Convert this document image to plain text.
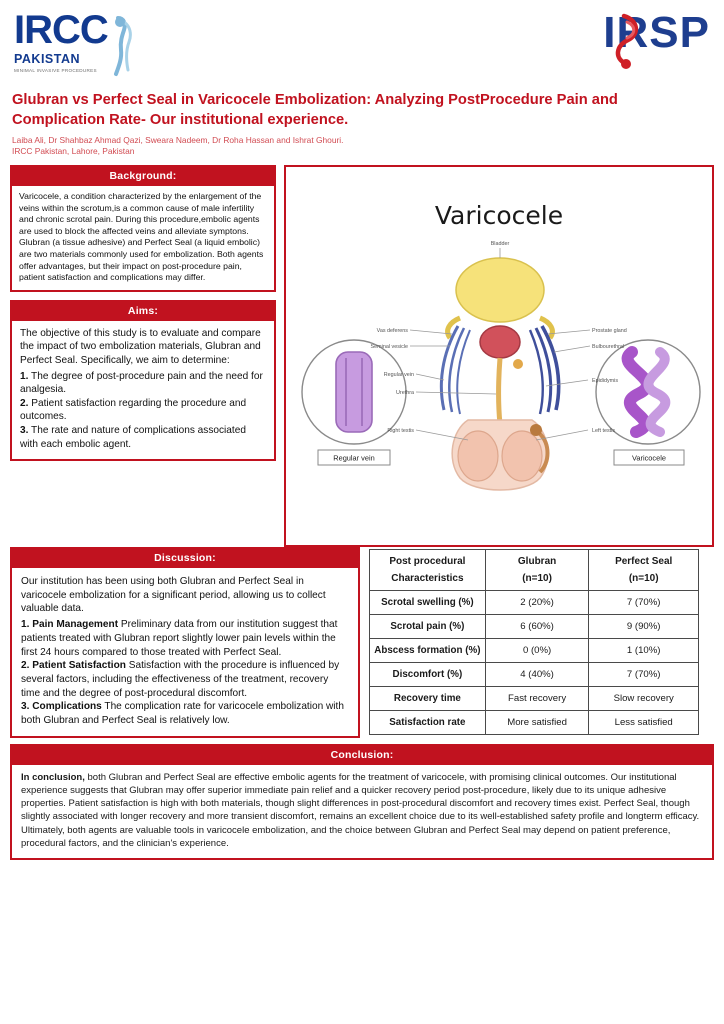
IRCC
PAKISTAN
MINIMAL INVASIVE PROCEDURES
IRSP
Glubran vs Perfect Seal in Varicocele Embolization: Analyzing PostProcedure Pain and Complication Rate- Our institutional experience.
Laiba Ali, Dr Shahbaz Ahmad Qazi, Sweara Nadeem, Dr Roha Hassan and Ishrat Ghouri.
IRCC Pakistan, Lahore, Pakistan
Background:
Varicocele, a condition characterized by the enlargement of the veins within the scrotum,is a common cause of male infertility and chronic scrotal pain. During this procedure,embolic agents are used to block the affected veins and alleviate symptons. Glubran (a tissue adhesive) and Perfect Seal (a liquid embolic) are two materials commonly used for embolization. Both agents offer advantages, but their impact on post-procedure pain, patient satisfaction and complications may differ.
Aims:
The objective of this study is to evaluate and compare the impact of two embolization materials, Glubran and Perfect Seal. Specifically, we aim to determine:
1. The degree of post-procedure pain and the need for analgesia.
2. Patient satisfaction regarding the procedure and outcomes.
3. The rate and nature of complications associated with each embolic agent.
Varicocele
Bladder
Vas deferens
Seminal vesicle
Prostate gland
Bulbourethral
Regular vein
Urethra
Epididymis
Right testis	Left testis
Regular vein	Varicocele
Discussion:
Our institution has been using both Glubran and Perfect Seal in varicocele embolization for a significant period, allowing us to collect valuable data.
1. Pain Management Preliminary data from our institution suggest that patients treated with Glubran report slightly lower pain levels within the first 24 hours compared to those treated with Perfect Seal.
2. Patient Satisfaction Satisfaction with the procedure is influenced by several factors, including the effectiveness of the treatment, recovery time and the degree of post-procedural discomfort.
3. Complications The complication rate for varicocele embolization with both Glubran and Perfect Seal is relatively low.
Post procedural
Characteristics

Glubran
(n=10)

Perfect Seal
(n=10)

Scrotal swelling (%)	2 (20%)	7 (70%)
Scrotal pain (%)	6 (60%)	9 (90%)
Abscess formation (%)	0 (0%)	1 (10%)
Discomfort (%)	4 (40%)	7 (70%)
Recovery time	Fast recovery	Slow recovery
Satisfaction rate	More satisfied	Less satisfied
Conclusion:
In conclusion, both Glubran and Perfect Seal are effective embolic agents for the treatment of varicocele, with promising clinical outcomes. Our institutional experience suggests that Glubran may offer superior immediate pain relief and a quicker recovery period post-procedure, likely due to its unique adhesive properties. Patient satisfaction is high with both materials, though slight differences in post-procedural discomfort and recovery times exist. Perfect Seal, though slightly associated with longer recovery and more transient discomfort, remains an excellent choice due to its well-established safety profile and longterm efficacy. Ultimately, both agents are valuable tools in varicocele embolization, and the choice between Glubran and Perfect Seal may depend on patient preference, procedural factors, and the clinician's experience.
